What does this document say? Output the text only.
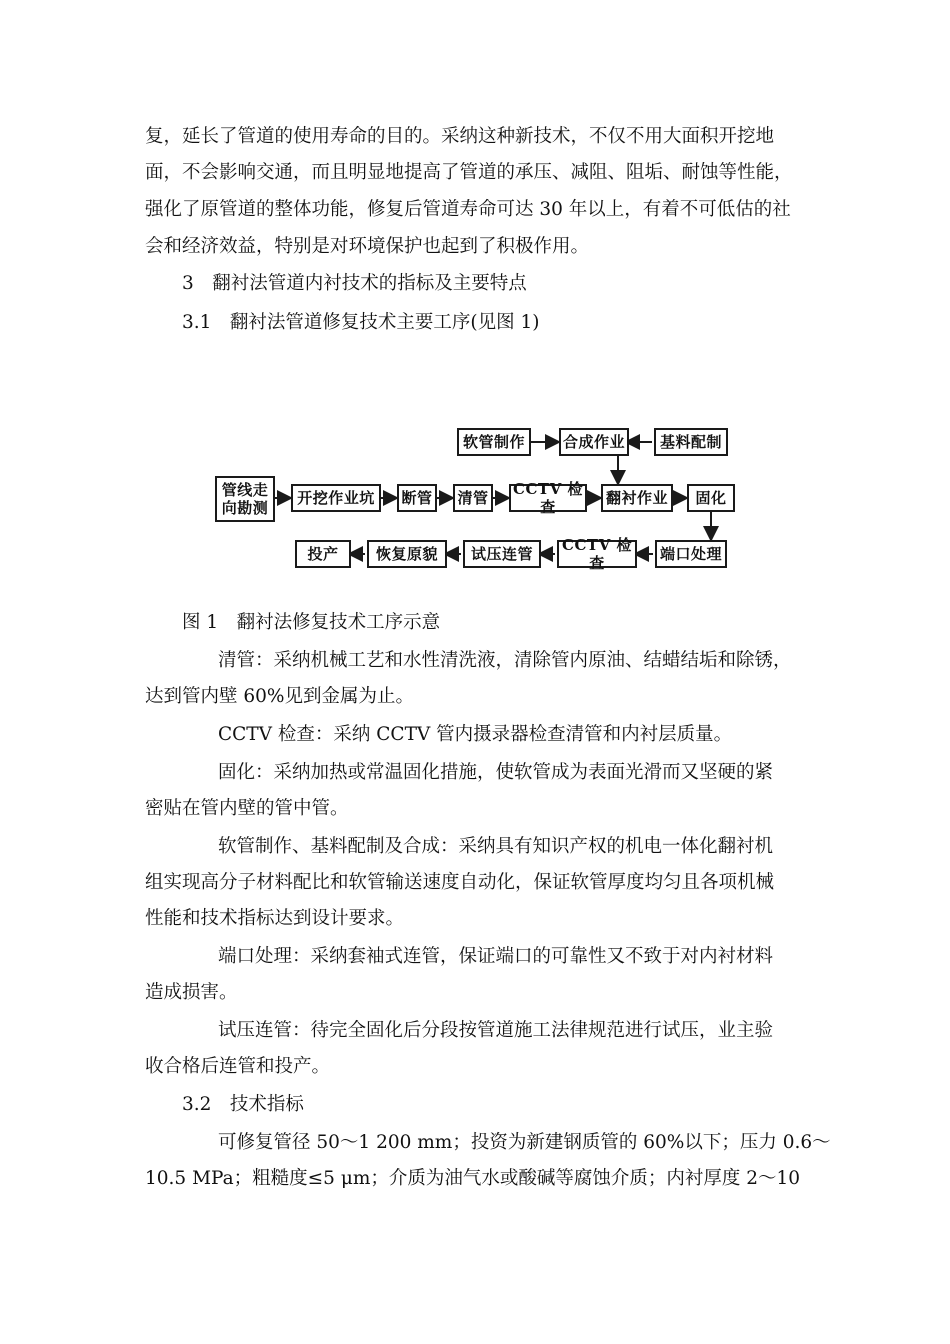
复，延长了管道的使用寿命的目的。采纳这种新技术，不仅不用大面积开挖地
面，不会影响交通，而且明显地提高了管道的承压、减阻、阻垢、耐蚀等性能，
强化了原管道的整体功能，修复后管道寿命可达 30 年以上，有着不可低估的社
会和经济效益，特别是对环境保护也起到了积极作用。
3　翻衬法管道内衬技术的指标及主要特点
3.1　翻衬法管道修复技术主要工序(见图 1)
软管制作	合成作业	基料配制
管线走
向勘测
开挖作业坑	断管	清管	CCTV 检查	翻衬作业	固化
端口处理
CCTV 检查
试压连管
恢复原貌
投产
图 1　翻衬法修复技术工序示意
清管：采纳机械工艺和水性清洗液，清除管内原油、结蜡结垢和除锈，
达到管内壁 60%见到金属为止。
CCTV 检查：采纳 CCTV 管内摄录器检查清管和内衬层质量。
固化：采纳加热或常温固化措施，使软管成为表面光滑而又坚硬的紧
密贴在管内壁的管中管。
软管制作、基料配制及合成：采纳具有知识产权的机电一体化翻衬机
组实现高分子材料配比和软管输送速度自动化，保证软管厚度均匀且各项机械
性能和技术指标达到设计要求。
端口处理：采纳套袖式连管，保证端口的可靠性又不致于对内衬材料
造成损害。
试压连管：待完全固化后分段按管道施工法律规范进行试压，业主验
收合格后连管和投产。
3.2　技术指标
可修复管径 50～1 200 mm；投资为新建钢质管的 60%以下；压力 0.6～
10.5 MPa；粗糙度≤5 μm；介质为油气水或酸碱等腐蚀介质；内衬厚度 2～10
